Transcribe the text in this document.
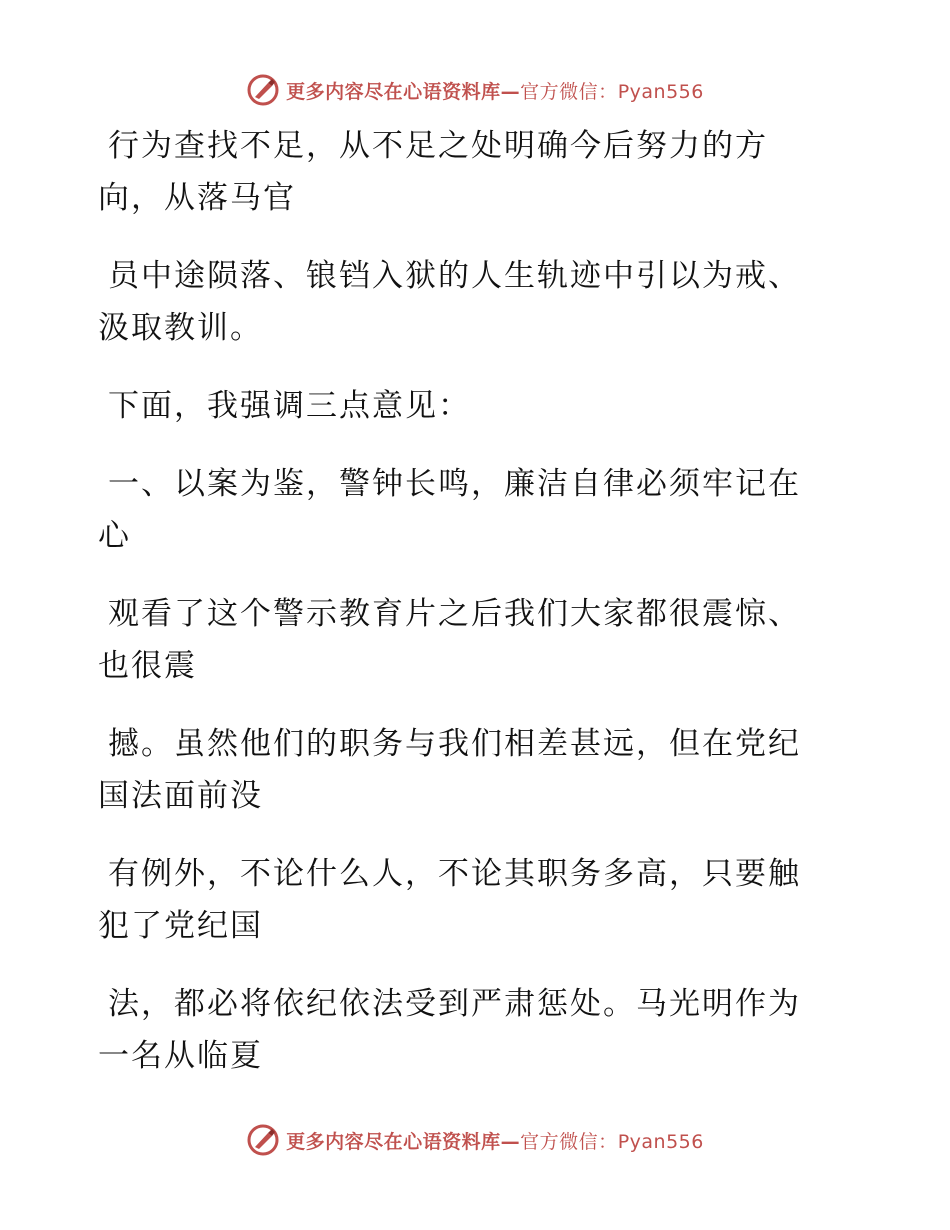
更多内容尽在心语资料库—官方微信：Pyan556

行为查找不足，从不足之处明确今后努力的方
向，从落马官

员中途陨落、锒铛入狱的人生轨迹中引以为戒、
汲取教训。

下面，我强调三点意见：

一、以案为鉴，警钟长鸣，廉洁自律必须牢记在
心

观看了这个警示教育片之后我们大家都很震惊、
也很震

撼。虽然他们的职务与我们相差甚远，但在党纪
国法面前没

有例外，不论什么人，不论其职务多高，只要触
犯了党纪国

法，都必将依纪依法受到严肃惩处。马光明作为
一名从临夏

更多内容尽在心语资料库—官方微信：Pyan556
